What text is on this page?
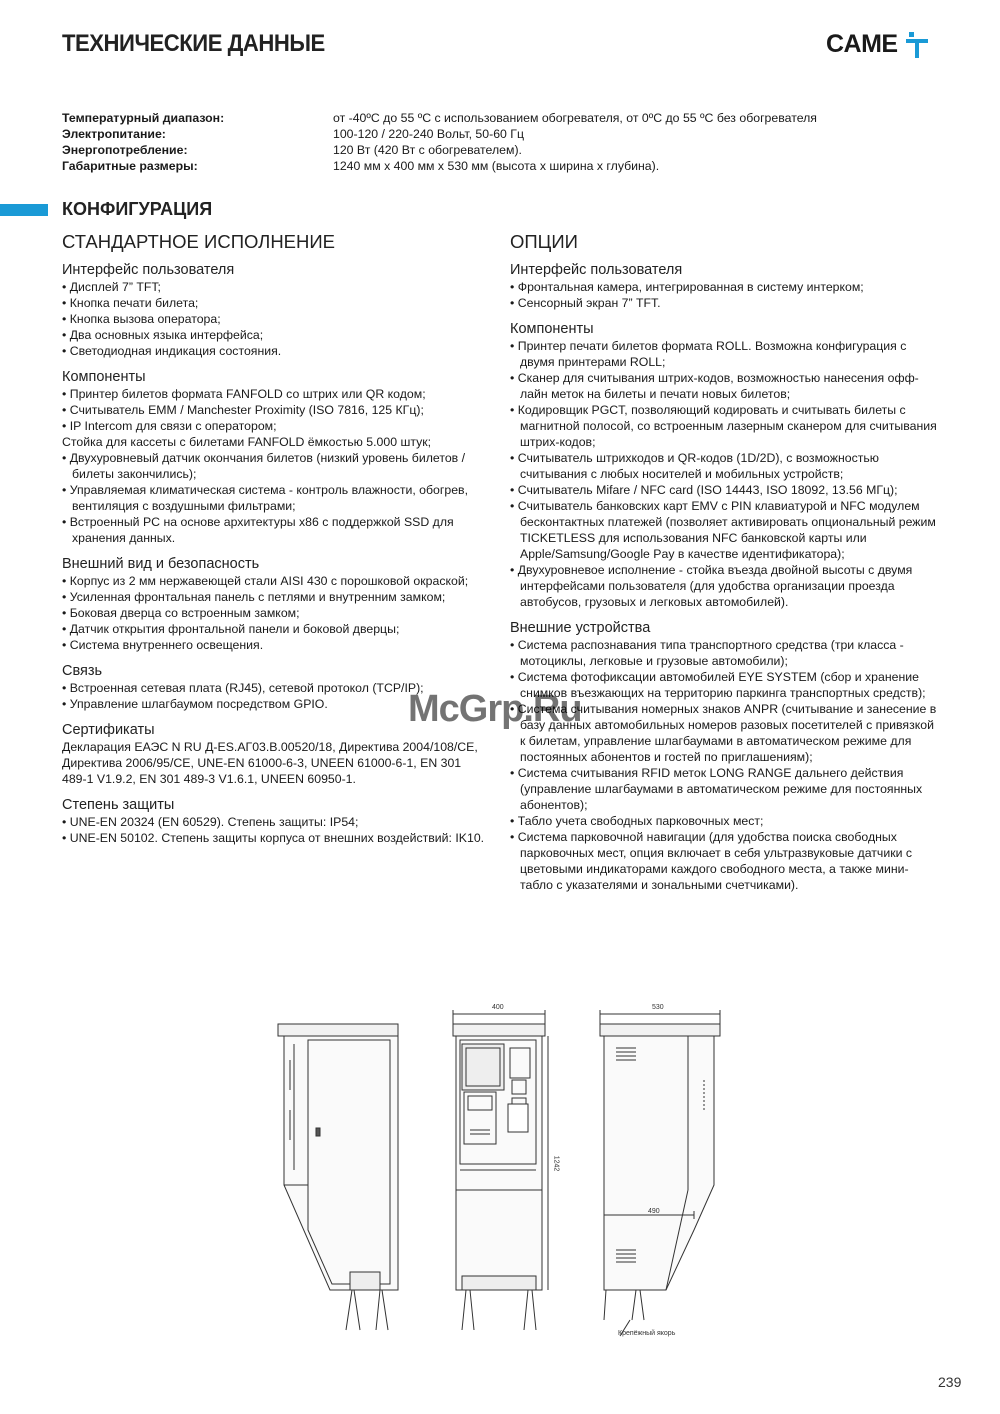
ТЕХНИЧЕСКИЕ ДАННЫЕ	CAME
Температурный диапазон:	от -40ºС до 55 ºС с использованием обогревателя, от 0ºС до 55 ºС без обогревателя
Электропитание:	100-120 / 220-240 Вольт, 50-60 Гц
Энергопотребление:	120 Вт (420 Вт с обогревателем).
Габаритные размеры:	1240 мм х 400 мм х 530 мм (высота х ширина х глубина).
КОНФИГУРАЦИЯ
СТАНДАРТНОЕ ИСПОЛНЕНИЕ
Интерфейс пользователя
• Дисплей 7” TFT;
• Кнопка печати билета;
• Кнопка вызова оператора;
• Два основных языка интерфейса;
• Светодиодная индикация состояния.
Компоненты
• Принтер билетов формата FANFOLD со штрих или QR кодом;
• Считыватель EMM / Manchester Proximity (ISO 7816, 125 КГц);
• IP Intercom для связи с оператором;
Стойка для кассеты с билетами FANFOLD ёмкостью 5.000 штук;
• Двухуровневый датчик окончания билетов (низкий уровень билетов / билеты закончились);
• Управляемая климатическая система - контроль влажности, обогрев, вентиляция с воздушными фильтрами;
• Встроенный PC на основе архитектуры x86 с поддержкой SSD для хранения данных.
Внешний вид и безопасность
• Корпус из 2 мм нержавеющей стали AISI 430 с порошковой окраской;
• Усиленная фронтальная панель с петлями и внутренним замком;
• Боковая дверца со встроенным замком;
• Датчик открытия фронтальной панели и боковой дверцы;
• Система внутреннего освещения.
Связь
• Встроенная сетевая плата (RJ45), сетевой протокол (TCP/IP);
• Управление шлагбаумом посредством GPIO.
Сертификаты

Декларация ЕАЭС N RU Д-ES.АГ03.В.00520/18, Директива 2004/108/CE, Директива 2006/95/CE, UNE-EN 61000-6-3, UNEEN 61000-6-1, EN 301 489-1 V1.9.2, EN 301 489-3 V1.6.1, UNEEN 60950-1.

Степень защиты
• UNE-EN 20324 (EN 60529). Степень защиты: IP54;
• UNE-EN 50102. Степень защиты корпуса от внешних воздействий: IK10.
ОПЦИИ
Интерфейс пользователя
• Фронтальная камера, интегрированная в систему интерком;
• Сенсорный экран 7” TFT.
Компоненты
• Принтер печати билетов формата ROLL. Возможна конфигурация с двумя принтерами ROLL;
• Сканер для считывания штрих-кодов, возможностью нанесения офф-лайн меток на билеты и печати новых билетов;
• Кодировщик PGCT, позволяющий кодировать и считывать билеты с магнитной полосой, со встроенным лазерным сканером для считывания штрих-кодов;
• Считыватель штрихкодов и QR-кодов (1D/2D), с возможностью считывания с любых носителей и мобильных устройств;
• Считыватель Mifare / NFC card (ISO 14443, ISO 18092, 13.56 МГц);
• Считыватель банковских карт EMV с PIN клавиатурой и NFC модулем бесконтактных платежей (позволяет активировать опциональный режим TICKETLESS для использования NFC банковской карты или Apple/Samsung/Google Pay в качестве идентификатора);
• Двухуровневое исполнение - стойка въезда двойной высоты с двумя интерфейсами пользователя (для удобства организации проезда автобусов, грузовых и легковых автомобилей).
Внешние устройства
• Система распознавания типа транспортного средства (три класса - мотоциклы, легковые и грузовые автомобили);
• Система фотофиксации автомобилей EYE SYSTEM (сбор и хранение снимков въезжающих на территорию паркинга транспортных средств);
• Система считывания номерных знаков ANPR (считывание и занесение в базу данных автомобильных номеров разовых посетителей с привязкой к билетам, управление шлагбаумами в автоматическом режиме для постоянных абонентов и гостей по приглашениям);
• Система считывания RFID меток LONG RANGE дальнего действия (управление шлагбаумами в автоматическом режиме для постоянных абонентов);
• Табло учета свободных парковочных мест;
• Система парковочной навигации (для удобства поиска свободных парковочных мест, опция включает в себя ультразвуковые датчики с цветовыми индикаторами каждого свободного места, а также мини-табло с указателями и зональными счетчиками).
McGrp.Ru
400	530
1242
490
Крепёжный якорь
239
